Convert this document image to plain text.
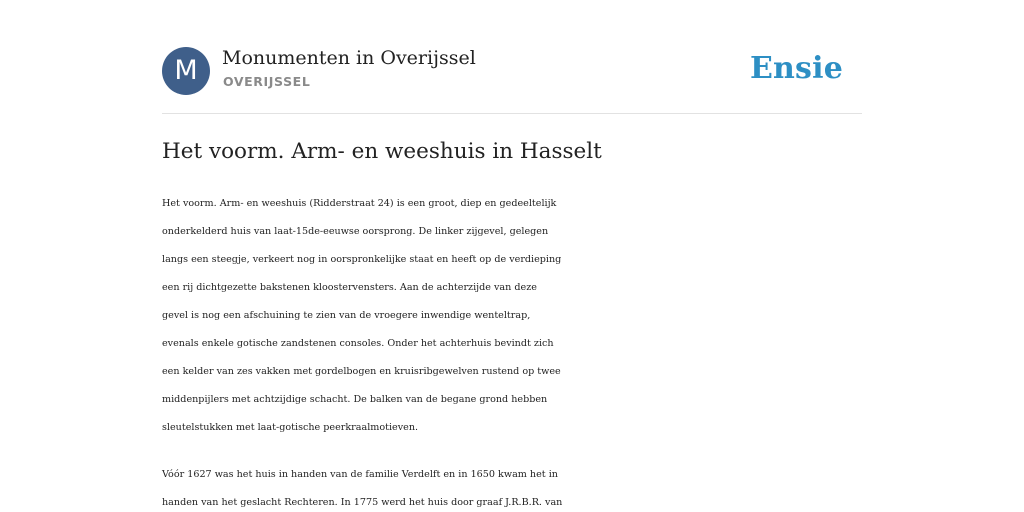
M	Monumenten in Overijssel
OVERIJSSEL	Ensie
Het voorm. Arm- en weeshuis in Hasselt

Het voorm. Arm- en weeshuis (Ridderstraat 24) is een groot, diep en gedeeltelijk
onderkelderd huis van laat-15de-eeuwse oorsprong. De linker zijgevel, gelegen
langs een steegje, verkeert nog in oorspronkelijke staat en heeft op de verdieping
een rij dichtgezette bakstenen kloostervensters. Aan de achterzijde van deze
gevel is nog een afschuining te zien van de vroegere inwendige wenteltrap,
evenals enkele gotische zandstenen consoles. Onder het achterhuis bevindt zich
een kelder van zes vakken met gordelbogen en kruisribgewelven rustend op twee
middenpijlers met achtzijdige schacht. De balken van de begane grond hebben
sleutelstukken met laat-gotische peerkraalmotieven.

Vóór 1627 was het huis in handen van de familie Verdelft en in 1650 kwam het in
handen van het geslacht Rechteren. In 1775 werd het huis door graaf J.R.B.R. van
